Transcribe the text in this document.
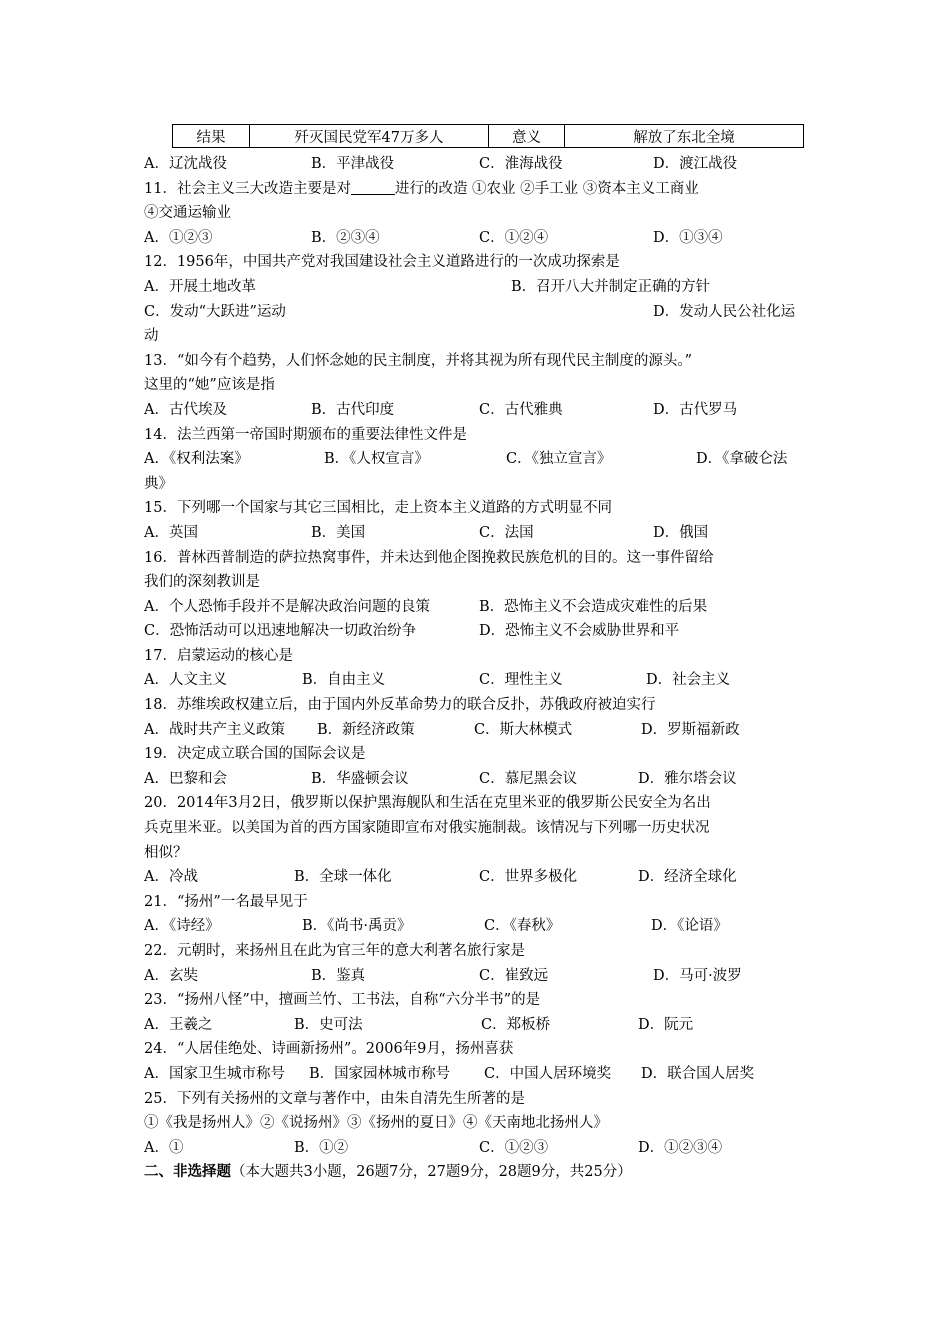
结果	歼灭国民党军47万多人	意义	解放了东北全境
A．辽沈战役	B．平津战役	C．淮海战役	D．渡江战役
11．社会主义三大改造主要是对	进行的改造 ①农业 ②手工业 ③资本主义工商业
④交通运输业
A．①②③	B．②③④	C．①②④	D．①③④
12．1956年，中国共产党对我国建设社会主义道路进行的一次成功探索是
A．开展土地改革	B．召开八大并制定正确的方针
C．发动“大跃进”运动	D．发动人民公社化运
动
13．“如今有个趋势，人们怀念她的民主制度，并将其视为所有现代民主制度的源头。”
这里的“她”应该是指
A．古代埃及	B．古代印度	C．古代雅典	D．古代罗马
14．法兰西第一帝国时期颁布的重要法律性文件是
A．《权利法案》	B．《人权宣言》	C．《独立宣言》	D．《拿破仑法
典》
15．下列哪一个国家与其它三国相比，走上资本主义道路的方式明显不同
A．英国	B．美国	C．法国	D．俄国
16．普林西普制造的萨拉热窝事件，并未达到他企图挽救民族危机的目的。这一事件留给
我们的深刻教训是
A．个人恐怖手段并不是解决政治问题的良策	B．恐怖主义不会造成灾难性的后果
C．恐怖活动可以迅速地解决一切政治纷争	D．恐怖主义不会威胁世界和平
17．启蒙运动的核心是
A．人文主义	B．自由主义	C．理性主义	D．社会主义
18．苏维埃政权建立后，由于国内外反革命势力的联合反扑，苏俄政府被迫实行
A．战时共产主义政策 B．新经济政策	C．斯大林模式	D．罗斯福新政
19．决定成立联合国的国际会议是
A．巴黎和会	B．华盛顿会议	C．慕尼黑会议	D．雅尔塔会议
20．2014年3月2日，俄罗斯以保护黑海舰队和生活在克里米亚的俄罗斯公民安全为名出
兵克里米亚。以美国为首的西方国家随即宣布对俄实施制裁。该情况与下列哪一历史状况
相似？
A．冷战	B．全球一体化	C．世界多极化	D．经济全球化
21．“扬州”一名最早见于
A．《诗经》	B．《尚书·禹贡》	C．《春秋》	D．《论语》
22．元朝时，来扬州且在此为官三年的意大利著名旅行家是
A．玄奘	B．鉴真	C．崔致远	D．马可·波罗
23．“扬州八怪”中，擅画兰竹、工书法，自称“六分半书”的是
A．王羲之	B．史可法	C．郑板桥	D．阮元
24．“人居佳绝处、诗画新扬州”。2006年9月，扬州喜获
A．国家卫生城市称号 B．国家园林城市称号 C．中国人居环境奖 D．联合国人居奖
25．下列有关扬州的文章与著作中，由朱自清先生所著的是
①《我是扬州人》②《说扬州》③《扬州的夏日》④《天南地北扬州人》
A．①	B．①②	C．①②③	D．①②③④
二、非选择题（本大题共3小题，26题7分，27题9分，28题9分，共25分）
